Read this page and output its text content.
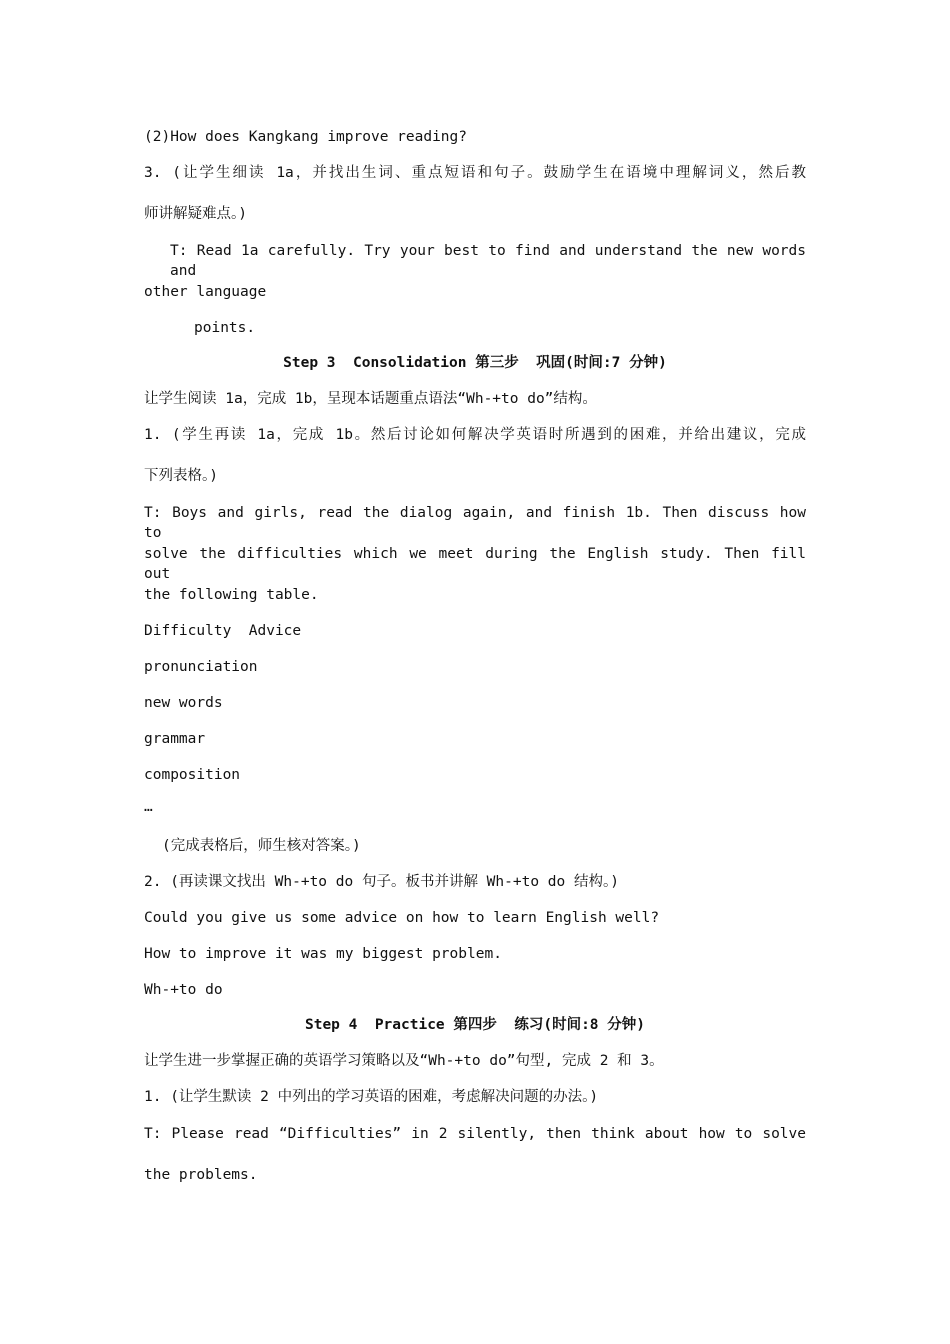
(2)How does Kangkang improve reading?
3. (让学生细读 1a，并找出生词、重点短语和句子。鼓励学生在语境中理解词义，然后教
师讲解疑难点。)
T: Read 1a carefully. Try your best to find and understand the new words and
other language
points.
Step 3  Consolidation 第三步  巩固(时间:7 分钟)
让学生阅读 1a，完成 1b，呈现本话题重点语法“Wh-+to do”结构。
1. (学生再读 1a，完成 1b。然后讨论如何解决学英语时所遇到的困难，并给出建议，完成
下列表格。)
T: Boys and girls, read the dialog again, and finish 1b. Then discuss how to
solve the difficulties which we meet during the English study. Then fill out
the following table.
Difficulty  Advice
pronunciation
new words
grammar
composition
…
(完成表格后，师生核对答案。)
2. (再读课文找出 Wh-+to do 句子。板书并讲解 Wh-+to do 结构。)
Could you give us some advice on how to learn English well?
How to improve it was my biggest problem.
Wh-+to do
Step 4  Practice 第四步  练习(时间:8 分钟)
让学生进一步掌握正确的英语学习策略以及“Wh-+to do”句型, 完成 2 和 3。
1. (让学生默读 2 中列出的学习英语的困难，考虑解决问题的办法。)
T: Please read “Difficulties” in 2 silently, then think about how to solve
the problems.
